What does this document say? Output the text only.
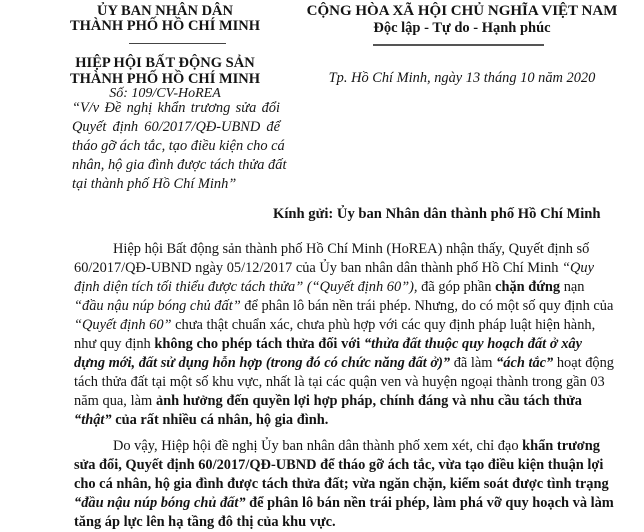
ỦY BAN NHÂN DÂN
THÀNH PHỐ HỒ CHÍ MINH
HIỆP HỘI BẤT ĐỘNG SẢN
THÀNH PHỐ HỒ CHÍ MINH
Số: 109/CV-HoREA
“V/v Đề nghị khẩn trương sửa đổi
Quyết định 60/2017/QĐ-UBND để
tháo gỡ ách tắc, tạo điều kiện cho cá
nhân, hộ gia đình được tách thửa đất
tại thành phố Hồ Chí Minh”
CỘNG HÒA XÃ HỘI CHỦ NGHĨA VIỆT NAM
Độc lập - Tự do - Hạnh phúc
Tp. Hồ Chí Minh, ngày 13 tháng 10 năm 2020
Kính gửi: Ủy ban Nhân dân thành phố Hồ Chí Minh
Hiệp hội Bất động sản thành phố Hồ Chí Minh (HoREA) nhận thấy, Quyết định số
60/2017/QĐ-UBND ngày 05/12/2017 của Ủy ban nhân dân thành phố Hồ Chí Minh “Quy
định diện tích tối thiểu được tách thửa” (“Quyết định 60”), đã góp phần chặn đứng nạn
“đầu nậu núp bóng chủ đất” để phân lô bán nền trái phép. Nhưng, do có một số quy định của
“Quyết định 60” chưa thật chuẩn xác, chưa phù hợp với các quy định pháp luật hiện hành,
như quy định không cho phép tách thửa đối với “thửa đất thuộc quy hoạch đất ở xây
dựng mới, đất sử dụng hỗn hợp (trong đó có chức năng đất ở)” đã làm “ách tắc” hoạt động
tách thửa đất tại một số khu vực, nhất là tại các quận ven và huyện ngoại thành trong gần 03
năm qua, làm ảnh hưởng đến quyền lợi hợp pháp, chính đáng và nhu cầu tách thửa
“thật” của rất nhiều cá nhân, hộ gia đình.
Do vậy, Hiệp hội đề nghị Ủy ban nhân dân thành phố xem xét, chỉ đạo khẩn trương
sửa đổi, Quyết định 60/2017/QĐ-UBND để tháo gỡ ách tắc, vừa tạo điều kiện thuận lợi
cho cá nhân, hộ gia đình được tách thửa đất; vừa ngăn chặn, kiểm soát được tình trạng
“đầu nậu núp bóng chủ đất” để phân lô bán nền trái phép, làm phá vỡ quy hoạch và làm
tăng áp lực lên hạ tầng đô thị của khu vực.
